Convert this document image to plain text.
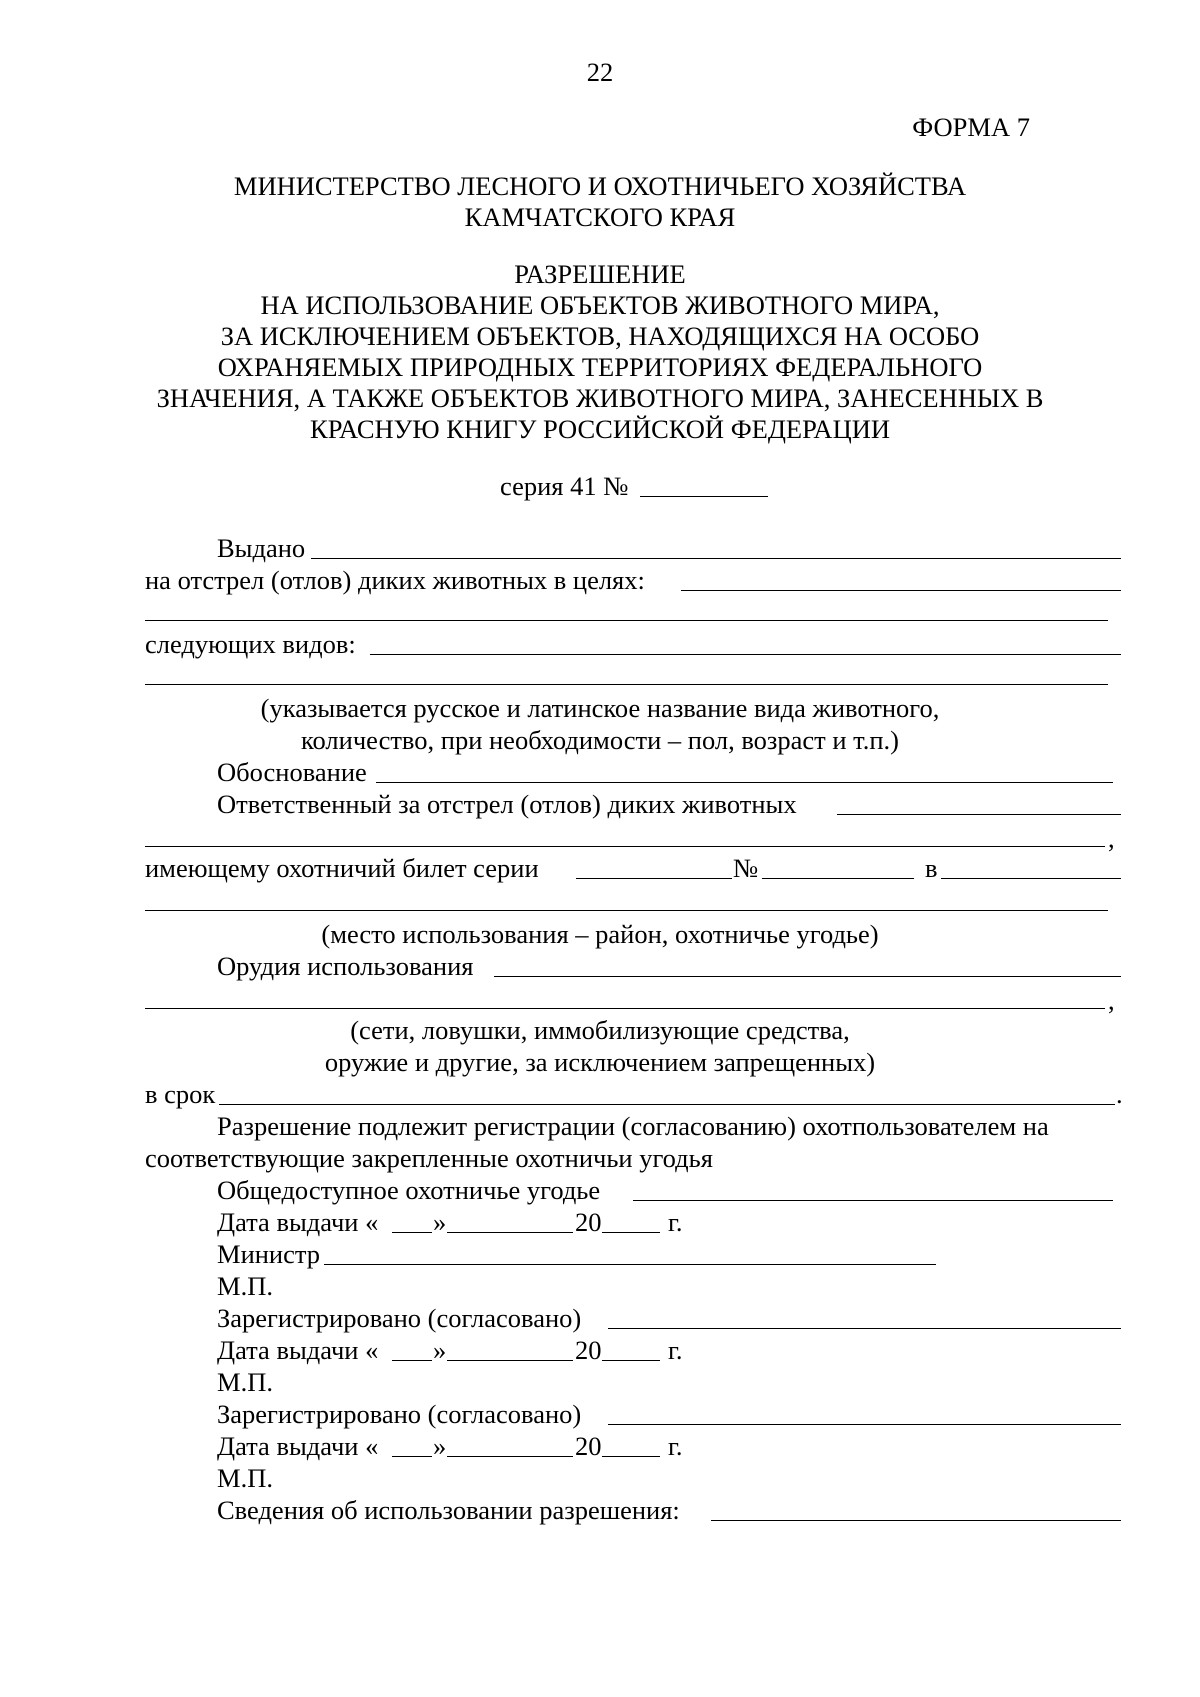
22
ФОРМА 7
МИНИСТЕРСТВО ЛЕСНОГО И ОХОТНИЧЬЕГО ХОЗЯЙСТВА
КАМЧАТСКОГО КРАЯ
РАЗРЕШЕНИЕ
НА ИСПОЛЬЗОВАНИЕ ОБЪЕКТОВ ЖИВОТНОГО МИРА,
ЗА ИСКЛЮЧЕНИЕМ ОБЪЕКТОВ, НАХОДЯЩИХСЯ НА ОСОБО
ОХРАНЯЕМЫХ ПРИРОДНЫХ ТЕРРИТОРИЯХ ФЕДЕРАЛЬНОГО
ЗНАЧЕНИЯ, А ТАКЖЕ ОБЪЕКТОВ ЖИВОТНОГО МИРА, ЗАНЕСЕННЫХ В
КРАСНУЮ КНИГУ РОССИЙСКОЙ ФЕДЕРАЦИИ
серия 41 №
Выдано
на отстрел (отлов) диких животных в целях:
следующих видов:
(указывается русское и латинское название вида животного,
количество, при необходимости – пол, возраст и т.п.)
Обоснование
Ответственный за отстрел (отлов) диких животных
,
имеющему охотничий билет серии	№	в
(место использования – район, охотничье угодье)
Орудия использования
,
(сети, ловушки, иммобилизующие средства,
оружие и другие, за исключением запрещенных)
в срок	.
Разрешение подлежит регистрации (согласованию) охотпользователем на
соответствующие закрепленные охотничьи угодья
Общедоступное охотничье угодье
Дата выдачи « »	20	г.
Министр
М.П.
Зарегистрировано (согласовано)
Дата выдачи « »	20	г.
М.П.
Зарегистрировано (согласовано)
Дата выдачи « »	20	г.
М.П.
Сведения об использовании разрешения:
